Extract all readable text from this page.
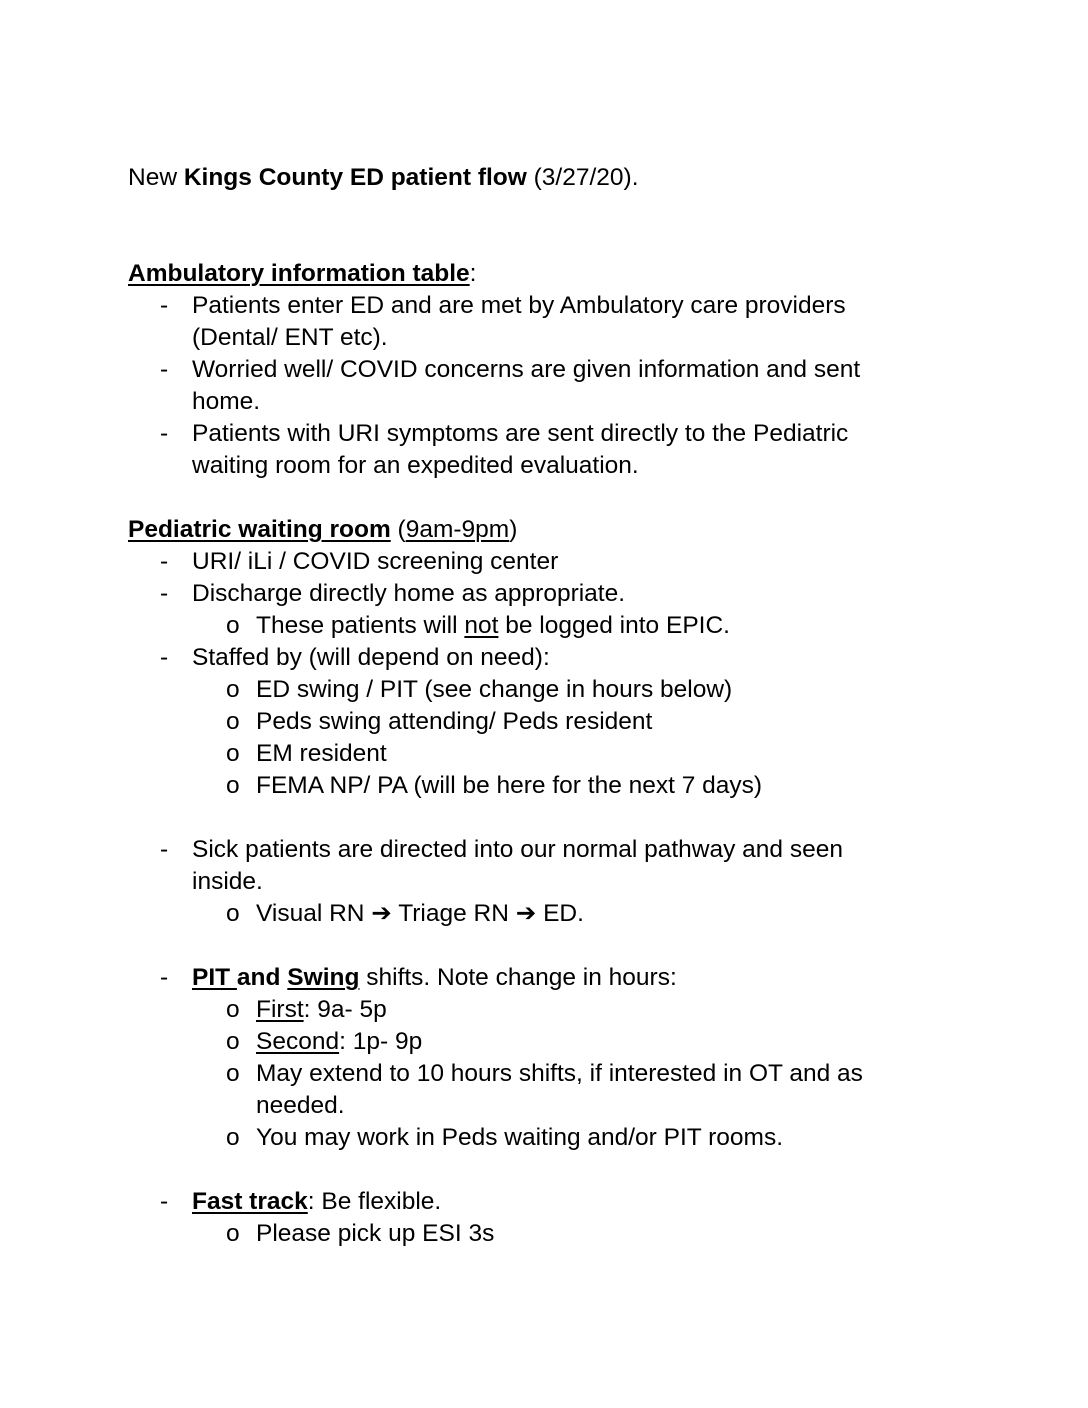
New Kings County ED patient flow (3/27/20).
Ambulatory information table:
- Patients enter ED and are met by Ambulatory care providers
(Dental/ ENT etc).
- Worried well/ COVID concerns are given information and sent
home.
- Patients with URI symptoms are sent directly to the Pediatric
waiting room for an expedited evaluation.
Pediatric waiting room (9am-9pm)
- URI/ iLi / COVID screening center
- Discharge directly home as appropriate.
o These patients will not be logged into EPIC.
- Staffed by (will depend on need):
o ED swing / PIT (see change in hours below)
o Peds swing attending/ Peds resident
o EM resident
o FEMA NP/ PA (will be here for the next 7 days)
- Sick patients are directed into our normal pathway and seen
inside.
o Visual RN ➔ Triage RN ➔ ED.
- PIT and Swing shifts. Note change in hours:
o First: 9a- 5p
o Second: 1p- 9p
o May extend to 10 hours shifts, if interested in OT and as
needed.
o You may work in Peds waiting and/or PIT rooms.
- Fast track: Be flexible.
o Please pick up ESI 3s
